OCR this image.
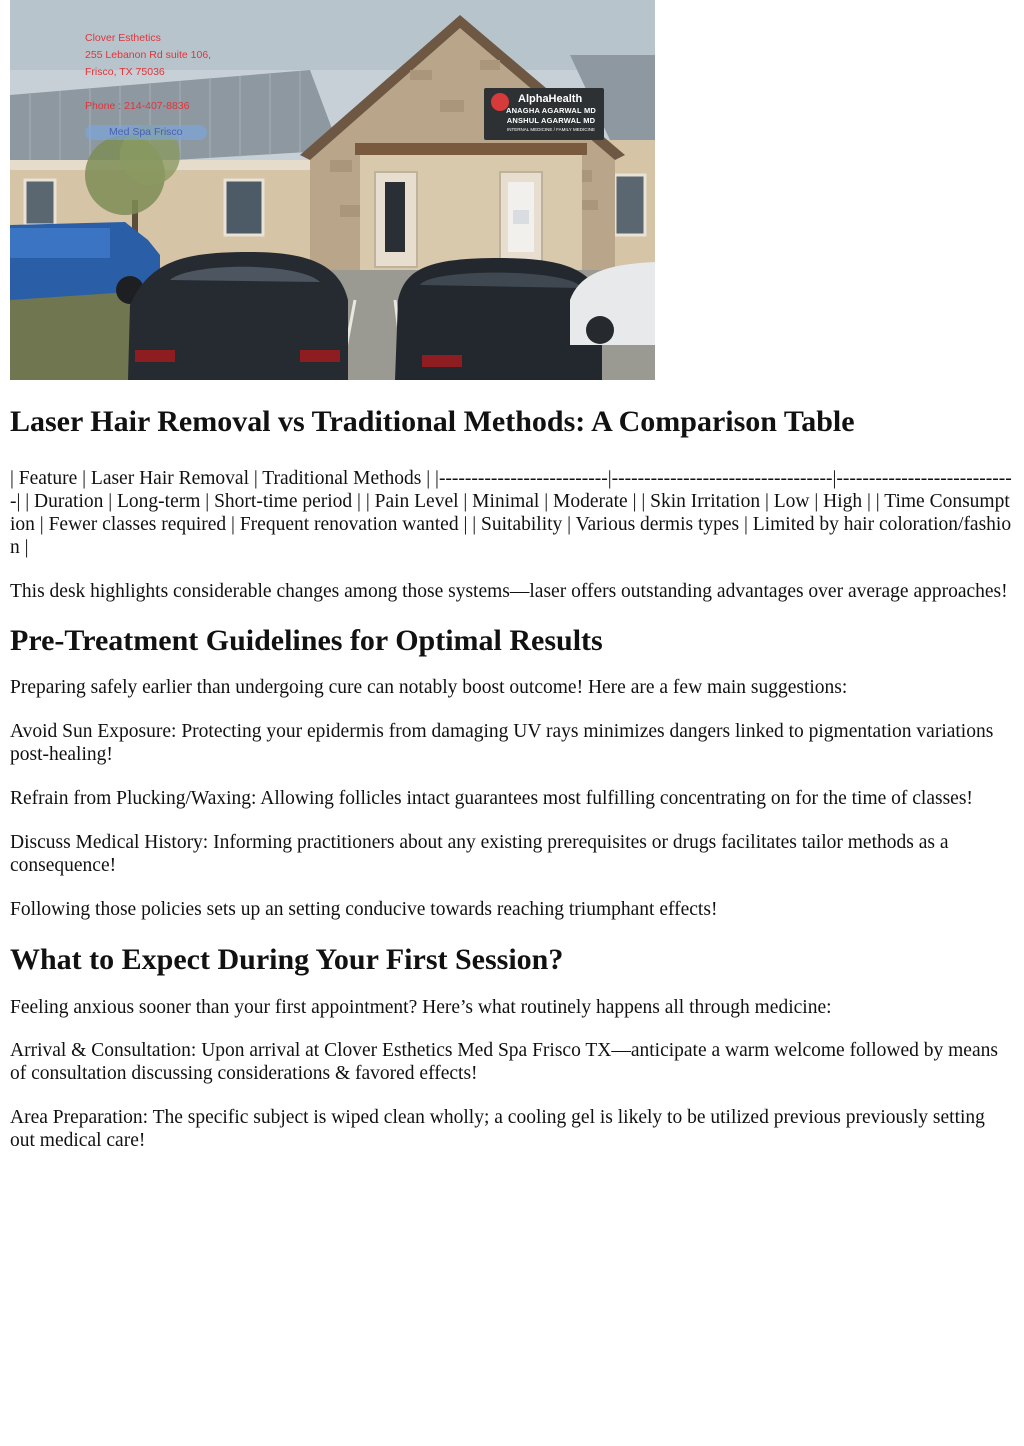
Clover Esthetics
255 Lebanon Rd suite 106,
Frisco, TX 75036
Phone : 214-407-8836
Med Spa Frisco
AlphaHealth
ANAGHA AGARWAL MD
ANSHUL AGARWAL MD
INTERNAL MEDICINE / FAMILY MEDICINE
Laser Hair Removal vs Traditional Methods: A Comparison Table

| Feature | Laser Hair Removal | Traditional Methods | |--------------------------|----------------------------------|----------------------------| | Duration | Long-term | Short-time period | | Pain Level | Minimal | Moderate | | Skin Irritation | Low | High | | Time Consumption | Fewer classes required | Frequent renovation wanted | | Suitability | Various dermis types | Limited by hair coloration/fashion |

This desk highlights considerable changes among those systems—laser offers outstanding advantages over average approaches!

Pre-Treatment Guidelines for Optimal Results

Preparing safely earlier than undergoing cure can notably boost outcome! Here are a few main suggestions:

Avoid Sun Exposure: Protecting your epidermis from damaging UV rays minimizes dangers linked to pigmentation variations post-healing!

Refrain from Plucking/Waxing: Allowing follicles intact guarantees most fulfilling concentrating on for the time of classes!

Discuss Medical History: Informing practitioners about any existing prerequisites or drugs facilitates tailor methods as a consequence!

Following those policies sets up an setting conducive towards reaching triumphant effects!

What to Expect During Your First Session?

Feeling anxious sooner than your first appointment? Here’s what routinely happens all through medicine:

Arrival & Consultation: Upon arrival at Clover Esthetics Med Spa Frisco TX—anticipate a warm welcome followed by means of consultation discussing considerations & favored effects!

Area Preparation: The specific subject is wiped clean wholly; a cooling gel is likely to be utilized previous previously setting out medical care!
